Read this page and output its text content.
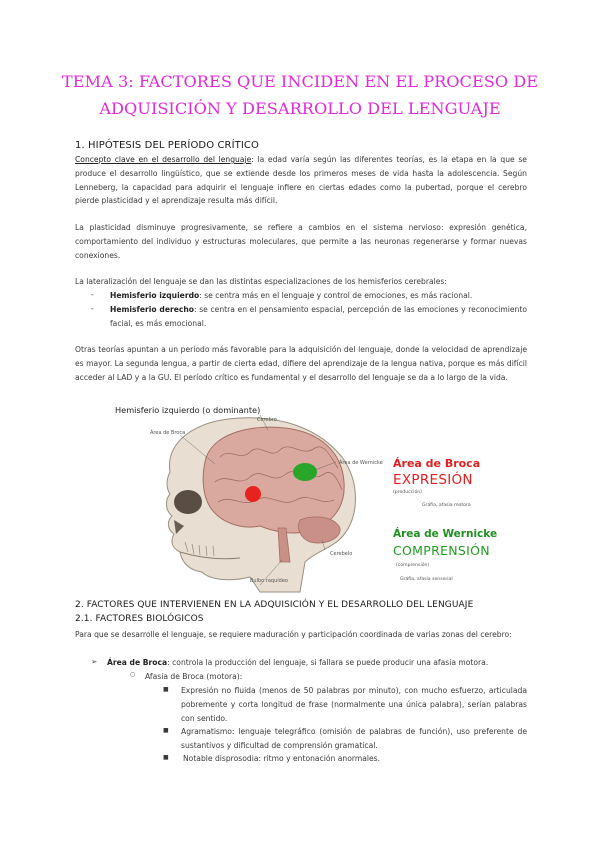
TEMA 3: FACTORES QUE INCIDEN EN EL PROCESO DE
ADQUISICIÓN Y DESARROLLO DEL LENGUAJE
1. HIPÓTESIS DEL PERÍODO CRÍTICO
Concepto clave en el desarrollo del lenguaje: la edad varía según las diferentes teorías, es la etapa en la que se produce el desarrollo lingüístico, que se extiende desde los primeros meses de vida hasta la adolescencia. Según Lenneberg, la capacidad para adquirir el lenguaje infiere en ciertas edades como la pubertad, porque el cerebro pierde plasticidad y el aprendizaje resulta más difícil.
La plasticidad disminuye progresivamente, se refiere a cambios en el sistema nervioso: expresión genética, comportamiento del individuo y estructuras moleculares, que permite a las neuronas regenerarse y formar nuevas conexiones.
La lateralización del lenguaje se dan las distintas especializaciones de los hemisferios cerebrales:
- Hemisferio izquierdo: se centra más en el lenguaje y control de emociones, es más racional.
- Hemisferio derecho: se centra en el pensamiento espacial, percepción de las emociones y reconocimiento facial, es más emocional.
Otras teorías apuntan a un período más favorable para la adquisición del lenguaje, donde la velocidad de aprendizaje es mayor. La segunda lengua, a partir de cierta edad, difiere del aprendizaje de la lengua nativa, porque es más difícil acceder al LAD y a la GU. El período crítico es fundamental y el desarrollo del lenguaje se da a lo largo de la vida.
Hemisferio izquierdo (o dominante)
Cerebro
Área de Broca
Área de Wernicke
Cerebelo
Bulbo raquídeo
Área de Broca
EXPRESIÓN
(producción)
Gráfia, afasia motora
Área de Wernicke
COMPRENSIÓN
(comprensión)
Gráfia, afasia sensorial
2. FACTORES QUE INTERVIENEN EN LA ADQUISICIÓN Y EL DESARROLLO DEL LENGUAJE
2.1. FACTORES BIOLÓGICOS
Para que se desarrolle el lenguaje, se requiere maduración y participación coordinada de varias zonas del cerebro:
➢ Área de Broca: controla la producción del lenguaje, si fallara se puede producir una afasia motora.
○ Afasia de Broca (motora):
■ Expresión no fluida (menos de 50 palabras por minuto), con mucho esfuerzo, articulada pobremente y corta longitud de frase (normalmente una única palabra), serían palabras con sentido.
■ Agramatismo: lenguaje telegráfico (omisión de palabras de función), uso preferente de sustantivos y dificultad de comprensión gramatical.
■ Notable disprosodia: ritmo y entonación anormales.
